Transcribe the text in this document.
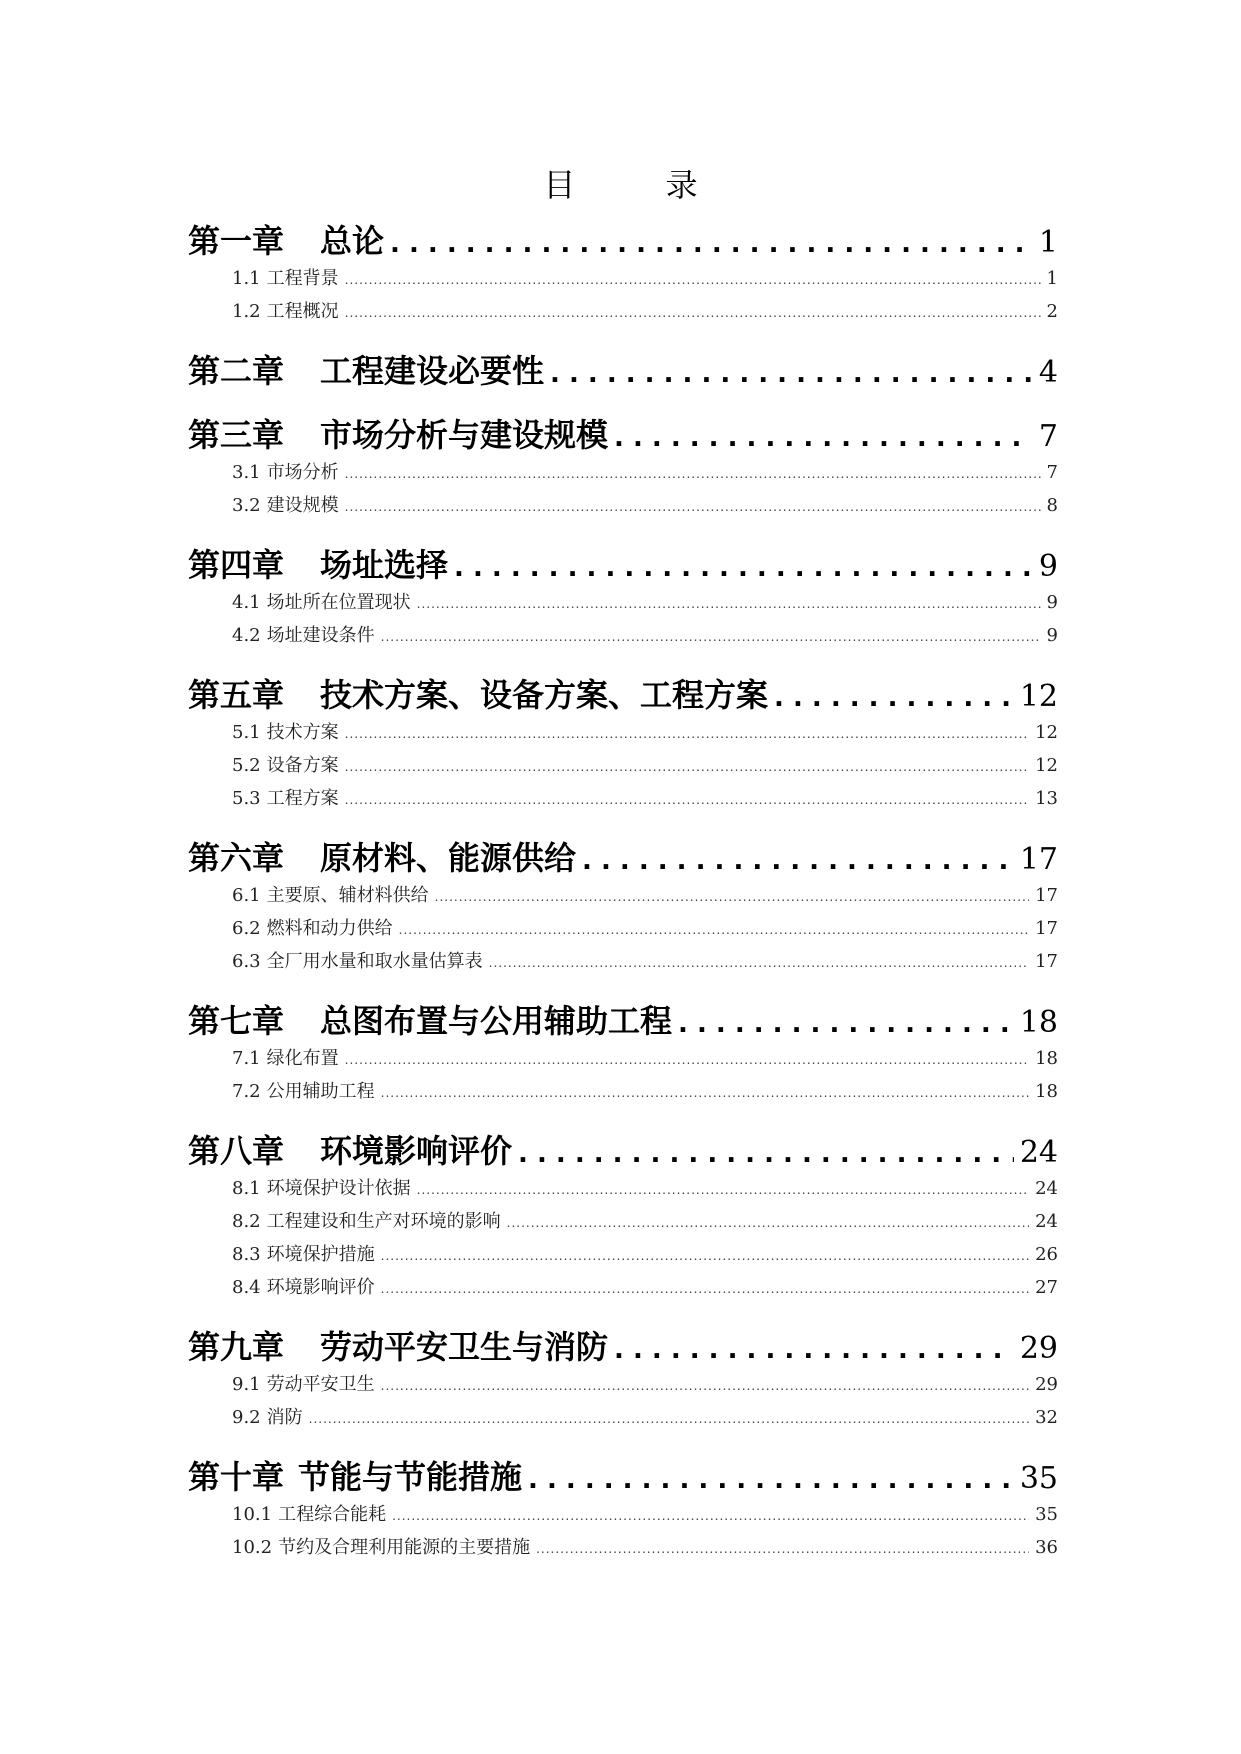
目 录
第一章 总论 . . .	1
1.1 工程背景 .....	1
1.2 工程概况 .....	2
第二章 工程建设必要性 . . .	4
第三章 市场分析与建设规模 . . .	7
3.1 市场分析 .....	7
3.2 建设规模 .....	8
第四章 场址选择 . . .	9
4.1 场址所在位置现状 .....	9
4.2 场址建设条件 .....	9
第五章 技术方案、设备方案、工程方案 . . .	12
5.1 技术方案 .....	12
5.2 设备方案 .....	12
5.3 工程方案 .....	13
第六章 原材料、能源供给 . . .	17
6.1 主要原、辅材料供给 .....	17
6.2 燃料和动力供给 .....	17
6.3 全厂用水量和取水量估算表 .....	17
第七章 总图布置与公用辅助工程 . . .	18
7.1 绿化布置 .....	18
7.2 公用辅助工程 .....	18
第八章 环境影响评价 . . .	24
8.1 环境保护设计依据 .....	24
8.2 工程建设和生产对环境的影响 .....	24
8.3 环境保护措施 .....	26
8.4 环境影响评价 .....	27
第九章 劳动平安卫生与消防 . . .	29
9.1 劳动平安卫生 .....	29
9.2 消防 .....	32
第十章 节能与节能措施 . . .	35
10.1 工程综合能耗 .....	35
10.2 节约及合理利用能源的主要措施 .....	36
